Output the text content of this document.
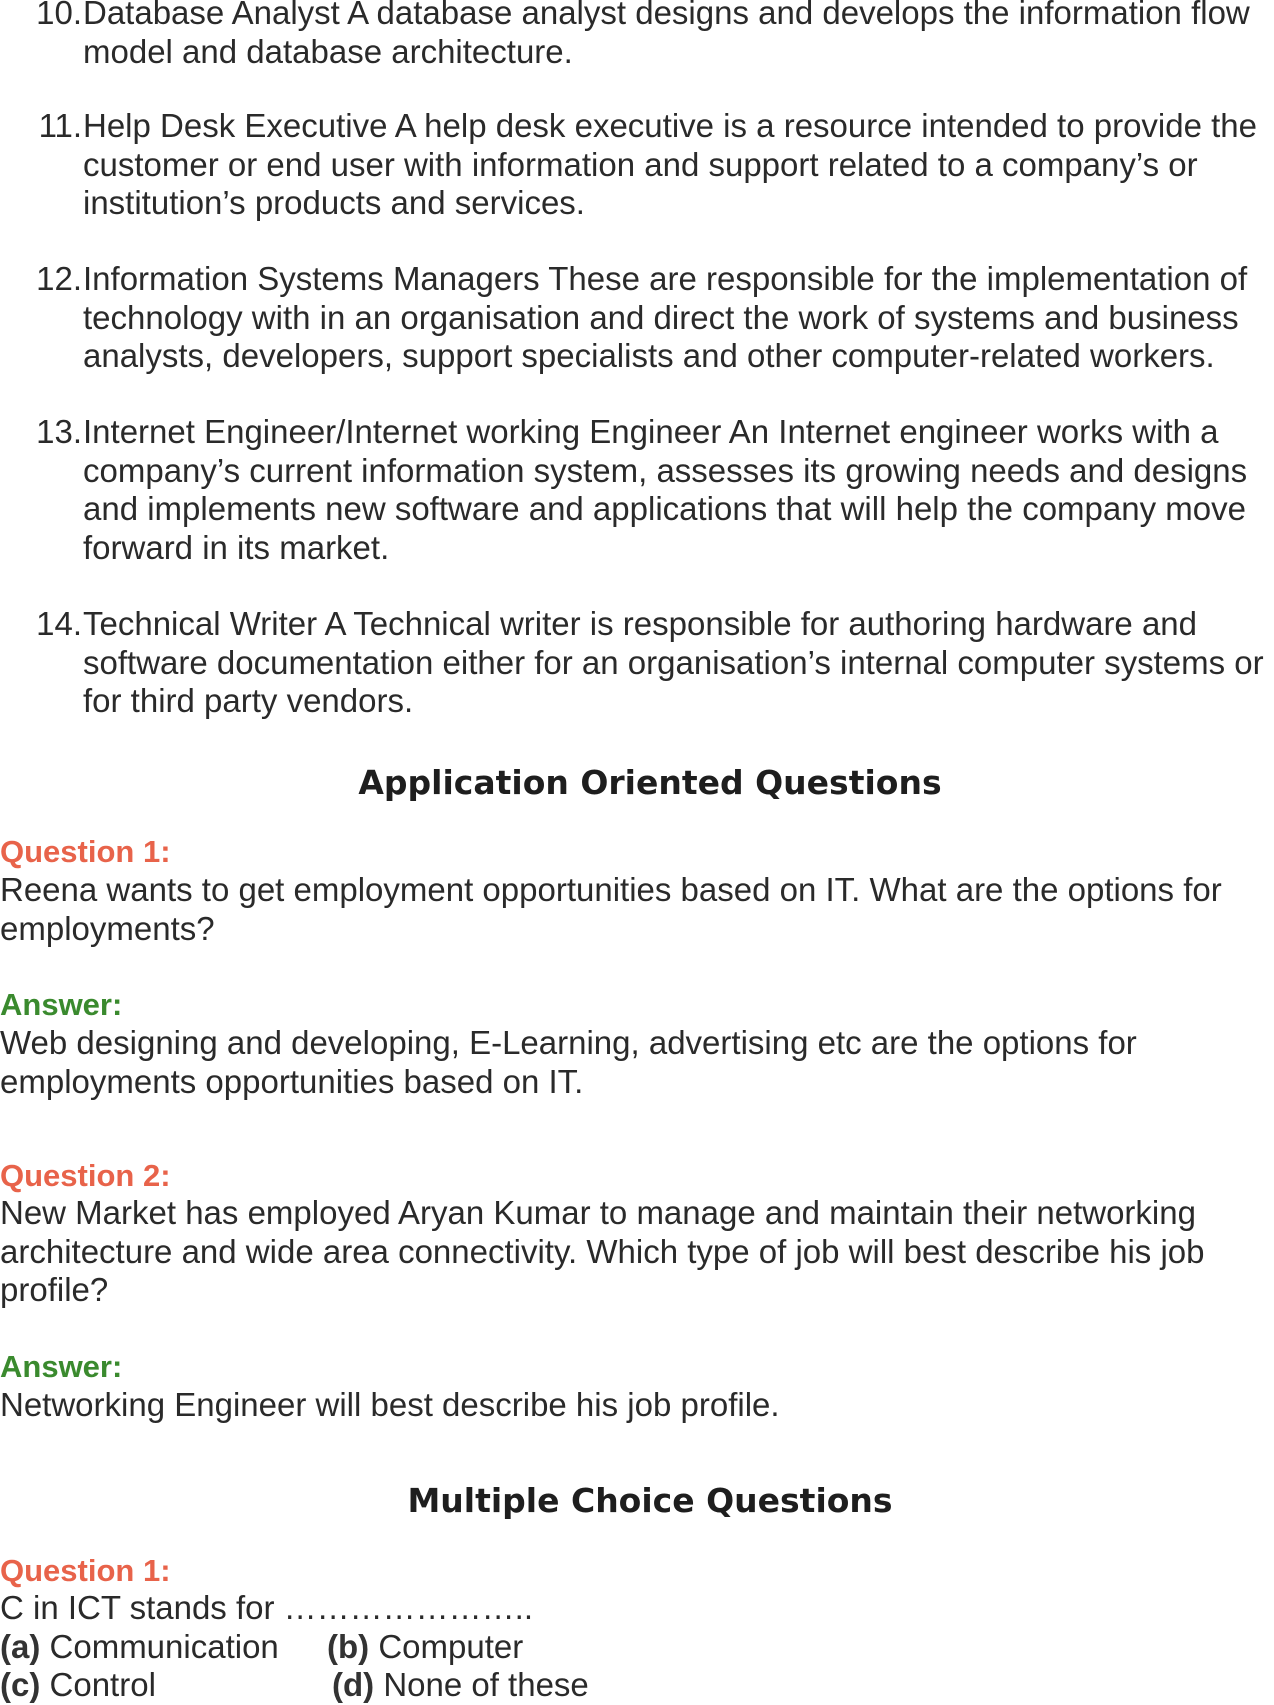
10. Database Analyst A database analyst designs and develops the information flow model and database architecture.
11. Help Desk Executive A help desk executive is a resource intended to provide the customer or end user with information and support related to a company’s or institution’s products and services.
12. Information Systems Managers These are responsible for the implementation of technology with in an organisation and direct the work of systems and business analysts, developers, support specialists and other computer-related workers.
13. Internet Engineer/Internet working Engineer An Internet engineer works with a company’s current information system, assesses its growing needs and designs and implements new software and applications that will help the company move forward in its market.
14. Technical Writer A Technical writer is responsible for authoring hardware and software documentation either for an organisation’s internal computer systems or for third party vendors.
Application Oriented Questions
Question 1:
Reena wants to get employment opportunities based on IT. What are the options for employments?
Answer:
Web designing and developing, E-Learning, advertising etc are the options for employments opportunities based on IT.
Question 2:
New Market has employed Aryan Kumar to manage and maintain their networking architecture and wide area connectivity. Which type of job will best describe his job profile?
Answer:
Networking Engineer will best describe his job profile.
Multiple Choice Questions
Question 1:
C in ICT stands for …………………..
(a) Communication (b) Computer
(c) Control	(d) None of these
